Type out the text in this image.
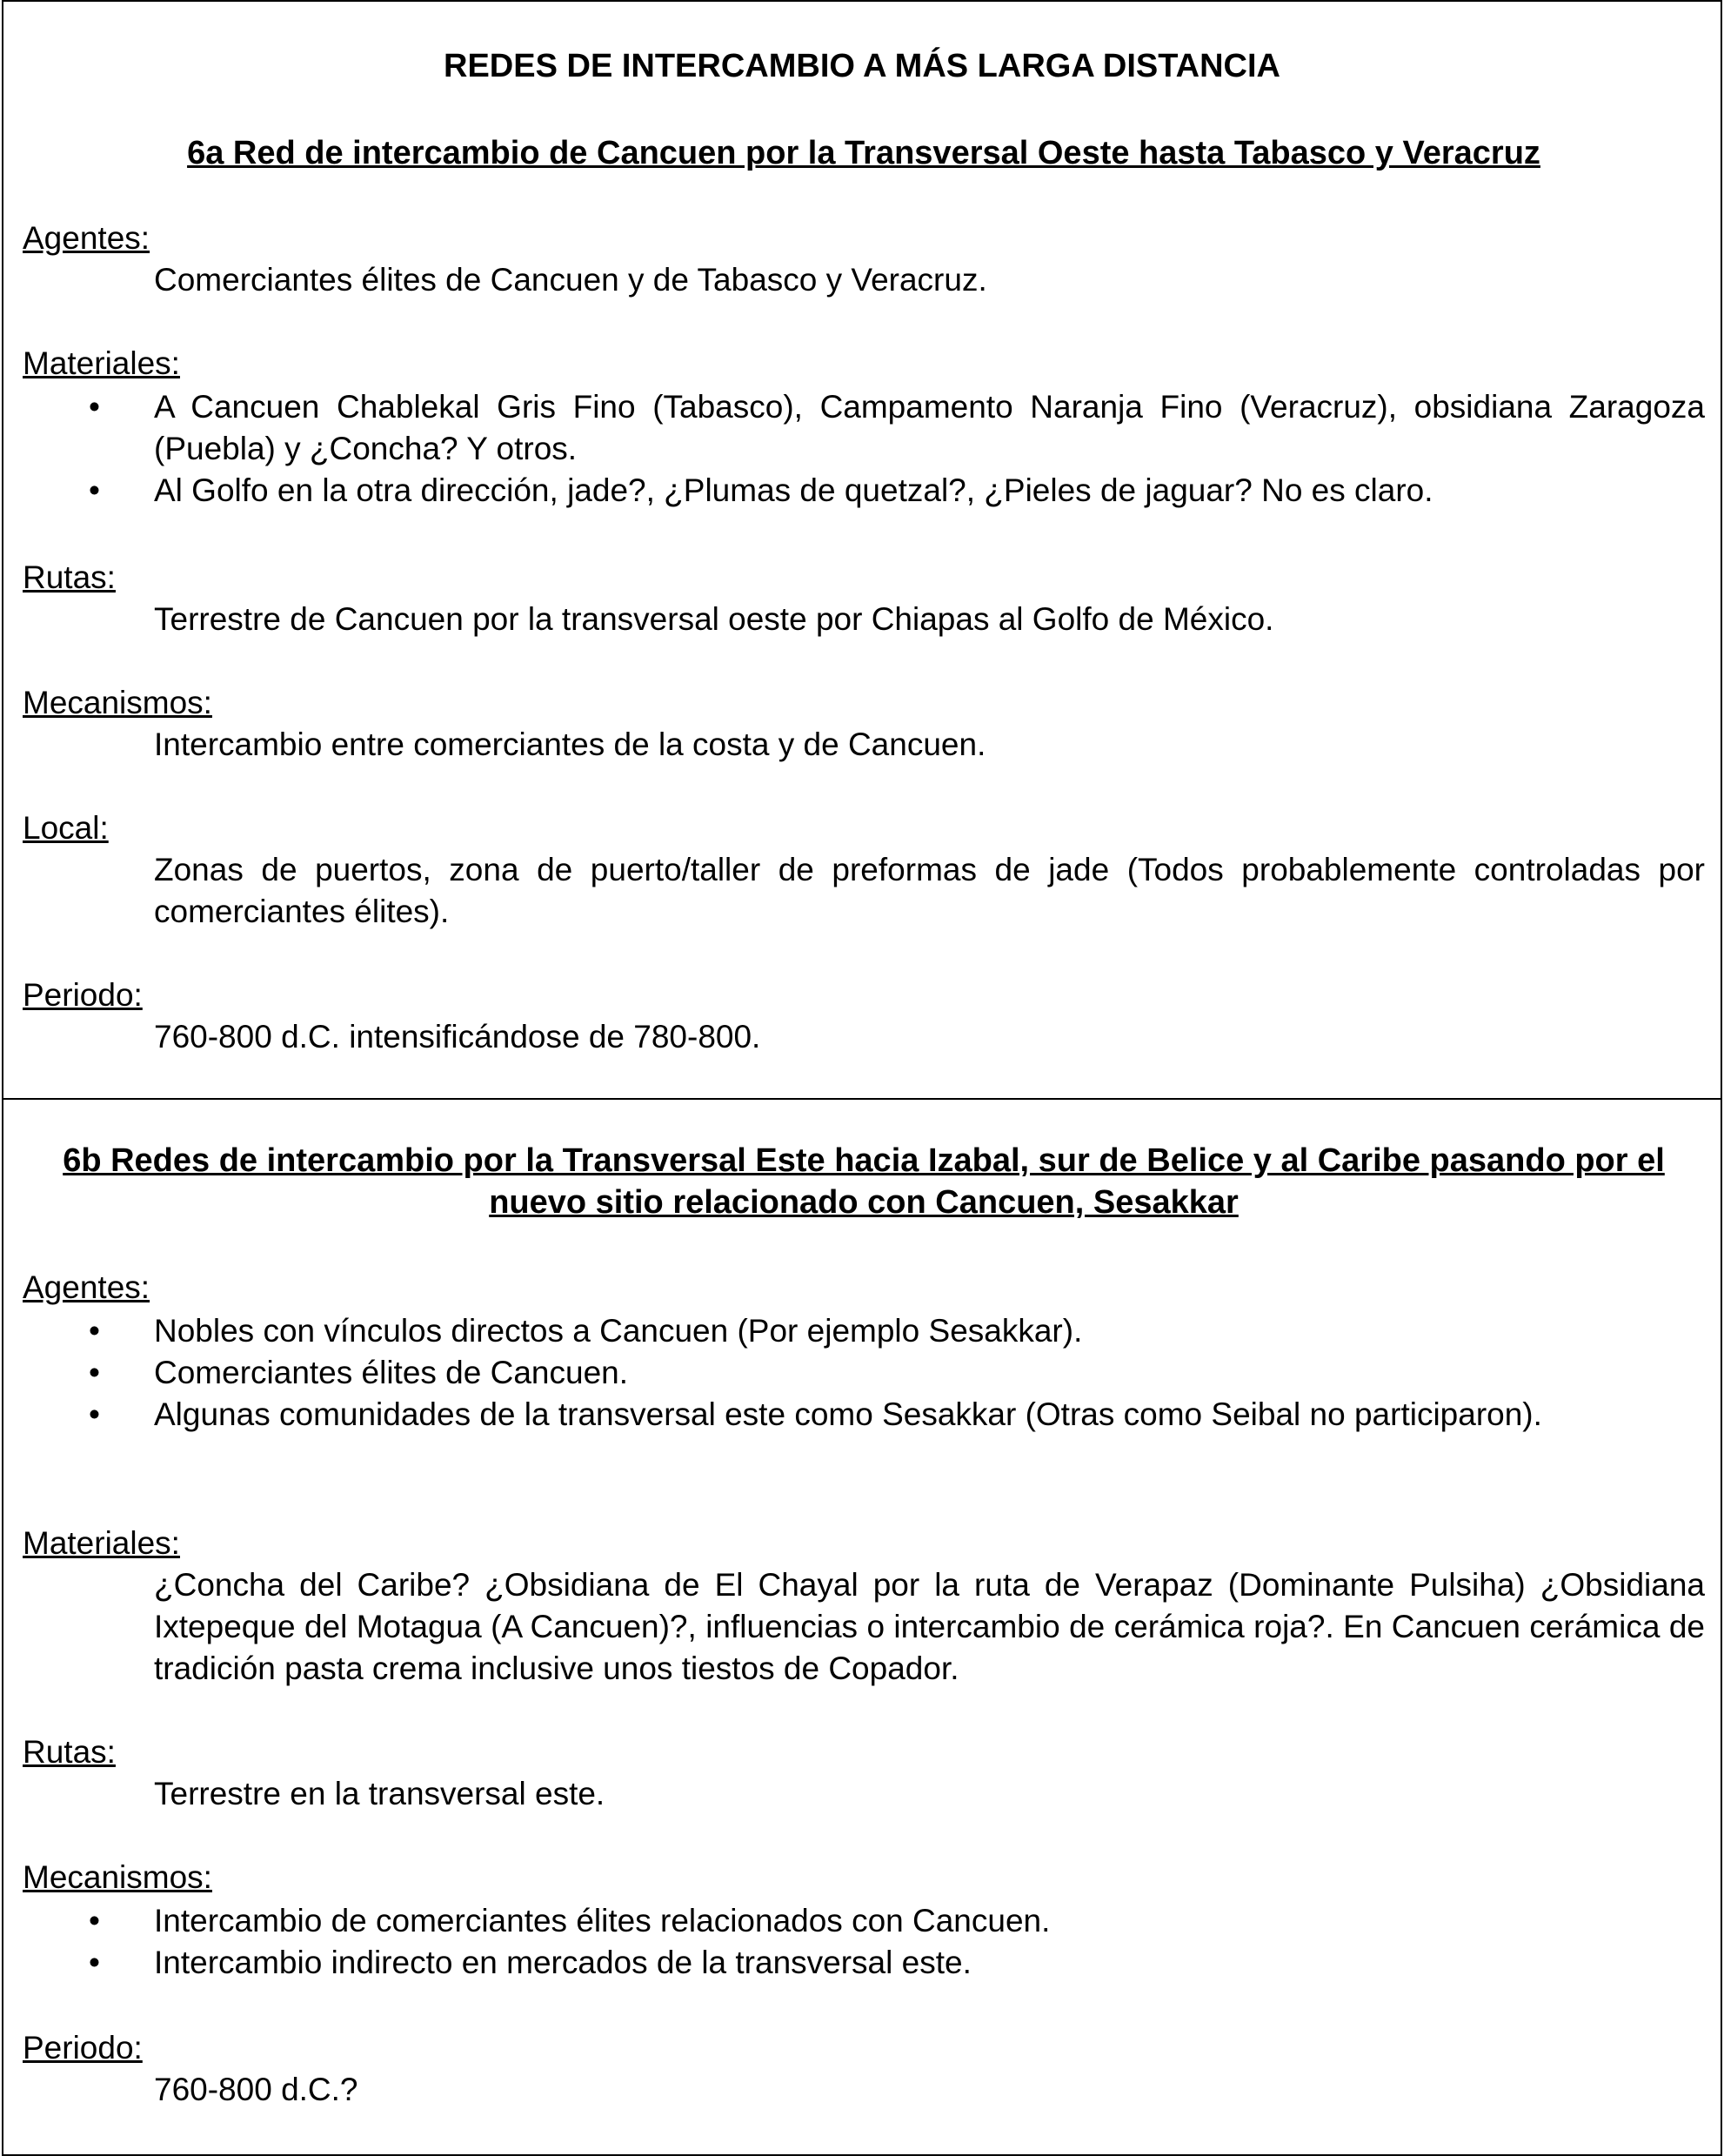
REDES DE INTERCAMBIO A MÁS LARGA DISTANCIA
6a Red de intercambio de Cancuen por la Transversal Oeste hasta Tabasco y Veracruz

Agentes:

Comerciantes élites de Cancuen y de Tabasco y Veracruz.

Materiales:

• A Cancuen Chablekal Gris Fino (Tabasco), Campamento Naranja Fino (Veracruz), obsidiana Zaragoza (Puebla) y ¿Concha? Y otros.
• Al Golfo en la otra dirección, jade?, ¿Plumas de quetzal?, ¿Pieles de jaguar? No es claro.

Rutas:

Terrestre de Cancuen por la transversal oeste por Chiapas al Golfo de México.

Mecanismos:

Intercambio entre comerciantes de la costa y de Cancuen.

Local:

Zonas de puertos, zona de puerto/taller de preformas de jade (Todos probablemente controladas por comerciantes élites).

Periodo:

760-800 d.C. intensificándose de 780-800.

6b Redes de intercambio por la Transversal Este hacia Izabal, sur de Belice y al Caribe pasando por el nuevo sitio relacionado con Cancuen, Sesakkar

Agentes:

• Nobles con vínculos directos a Cancuen (Por ejemplo Sesakkar).
• Comerciantes élites de Cancuen.
• Algunas comunidades de la transversal este como Sesakkar (Otras como Seibal no participaron).

Materiales:

¿Concha del Caribe? ¿Obsidiana de El Chayal por la ruta de Verapaz (Dominante Pulsiha) ¿Obsidiana Ixtepeque del Motagua (A Cancuen)?, influencias o intercambio de cerámica roja?. En Cancuen cerámica de tradición pasta crema inclusive unos tiestos de Copador.

Rutas:

Terrestre en la transversal este.

Mecanismos:

• Intercambio de comerciantes élites relacionados con Cancuen.
• Intercambio indirecto en mercados de la transversal este.

Periodo:

760-800 d.C.?
